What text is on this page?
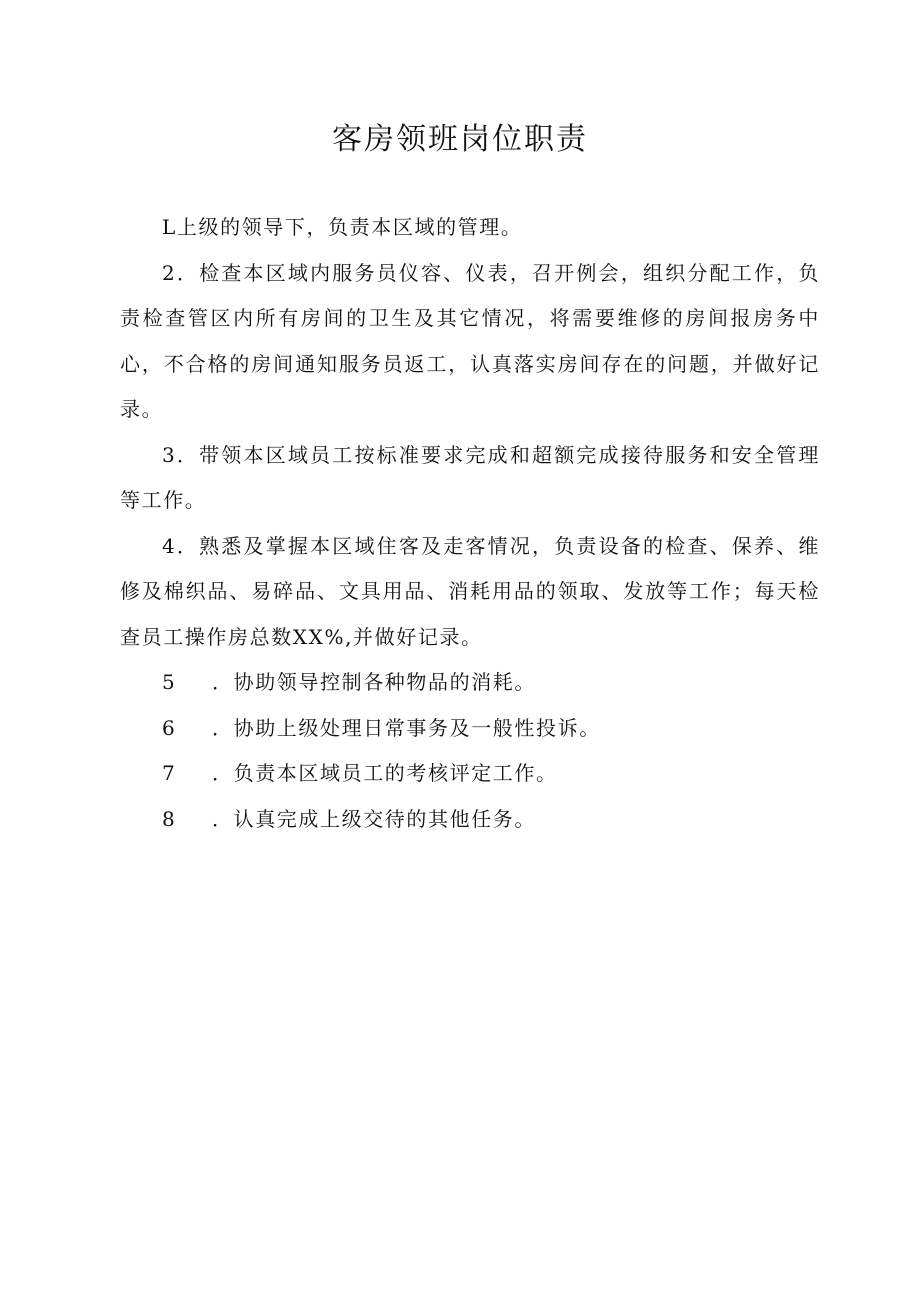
客房领班岗位职责

L上级的领导下，负责本区域的管理。

2．检查本区域内服务员仪容、仪表，召开例会，组织分配工作，负责检查管区内所有房间的卫生及其它情况，将需要维修的房间报房务中心，不合格的房间通知服务员返工，认真落实房间存在的问题，并做好记录。

3．带领本区域员工按标准要求完成和超额完成接待服务和安全管理等工作。

4．熟悉及掌握本区域住客及走客情况，负责设备的检查、保养、维修及棉织品、易碎品、文具用品、消耗用品的领取、发放等工作；每天检查员工操作房总数XX%,并做好记录。

5 ．协助领导控制各种物品的消耗。

6 ．协助上级处理日常事务及一般性投诉。

7 ．负责本区域员工的考核评定工作。

8 ．认真完成上级交待的其他任务。
